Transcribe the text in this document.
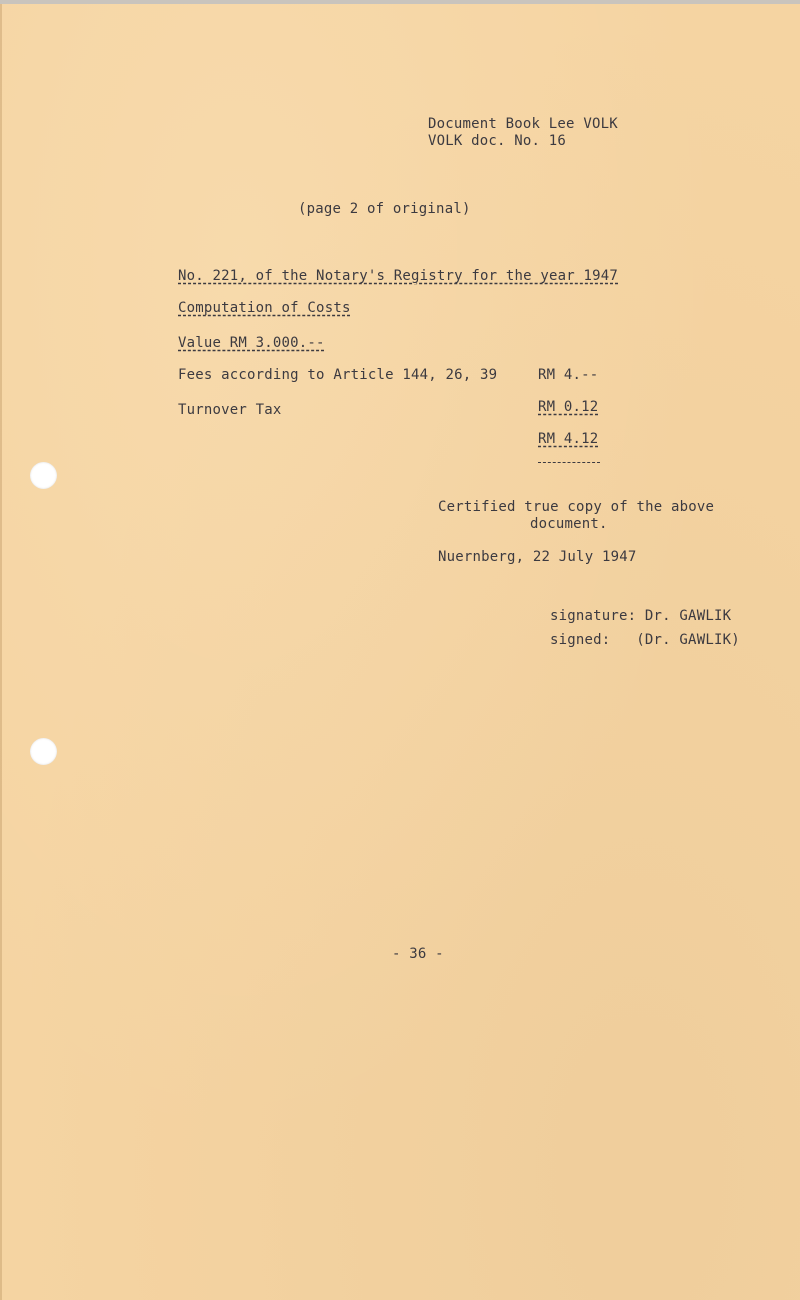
Document Book Lee VOLK
VOLK doc. No. 16
(page 2 of original)
No. 221, of the Notary's Registry for the year 1947
Computation of Costs
Value RM 3.000.--
Fees according to Article 144, 26, 39	RM 4.--
Turnover Tax	RM 0.12
RM 4.12
Certified true copy of the above
document.
Nuernberg, 22 July 1947
signature: Dr. GAWLIK
signed:   (Dr. GAWLIK)
- 36 -
